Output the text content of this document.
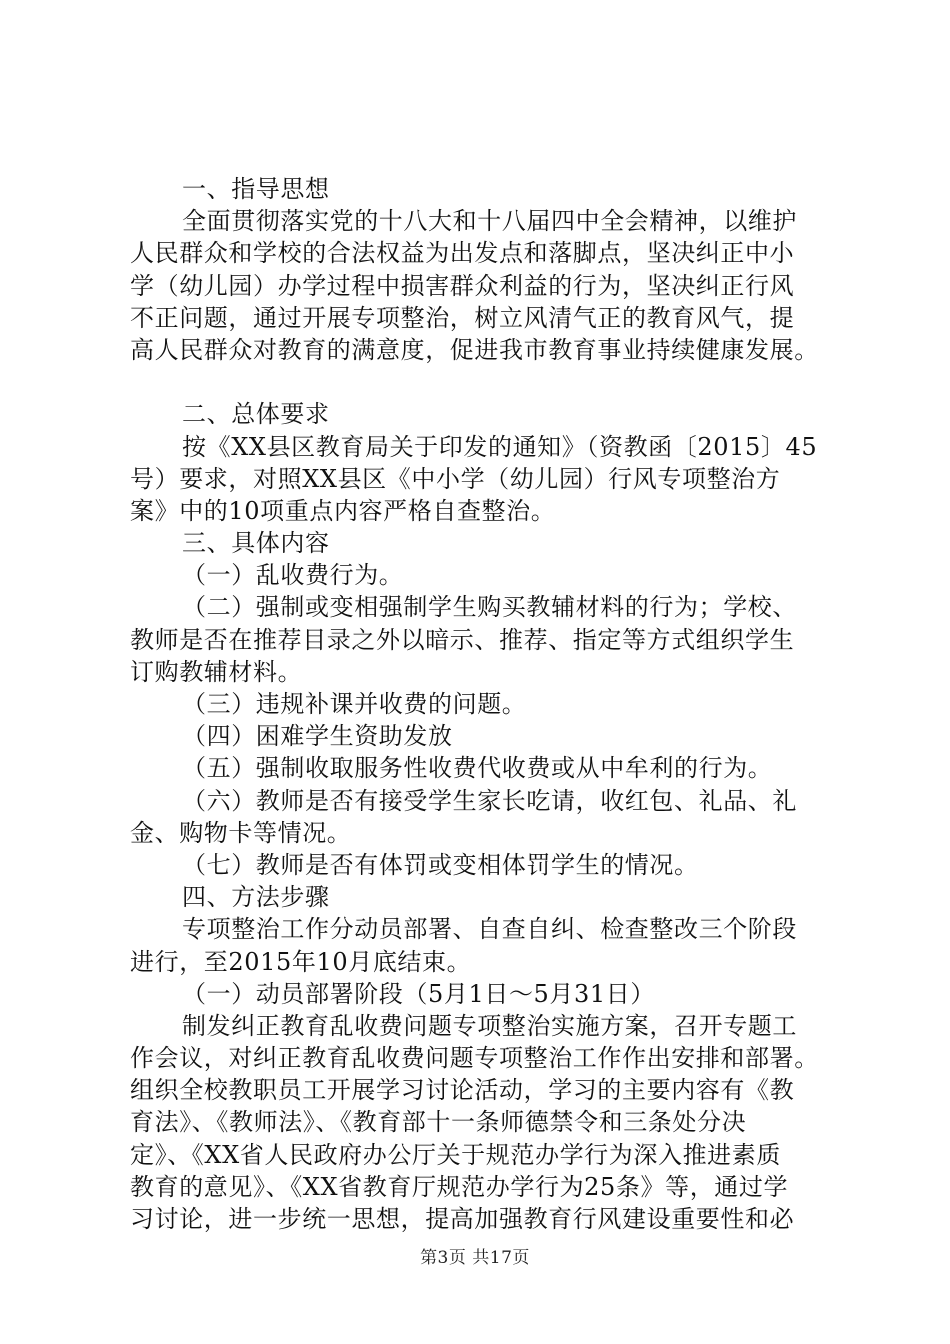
一、指导思想
全面贯彻落实党的十八大和十八届四中全会精神，以维护
人民群众和学校的合法权益为出发点和落脚点，坚决纠正中小
学（幼儿园）办学过程中损害群众利益的行为，坚决纠正行风
不正问题，通过开展专项整治，树立风清气正的教育风气，提
高人民群众对教育的满意度，促进我市教育事业持续健康发展。
二、总体要求
按《XX县区教育局关于印发的通知》（资教函〔2015〕45
号）要求，对照XX县区《中小学（幼儿园）行风专项整治方
案》中的10项重点内容严格自查整治。
三、具体内容
（一）乱收费行为。
（二）强制或变相强制学生购买教辅材料的行为；学校、
教师是否在推荐目录之外以暗示、推荐、指定等方式组织学生
订购教辅材料。
（三）违规补课并收费的问题。
（四）困难学生资助发放
（五）强制收取服务性收费代收费或从中牟利的行为。
（六）教师是否有接受学生家长吃请，收红包、礼品、礼
金、购物卡等情况。
（七）教师是否有体罚或变相体罚学生的情况。
四、方法步骤
专项整治工作分动员部署、自查自纠、检查整改三个阶段
进行，至2015年10月底结束。
（一）动员部署阶段（5月1日～5月31日）
制发纠正教育乱收费问题专项整治实施方案，召开专题工
作会议，对纠正教育乱收费问题专项整治工作作出安排和部署。
组织全校教职员工开展学习讨论活动，学习的主要内容有《教
育法》、《教师法》、《教育部十一条师德禁令和三条处分决
定》、《XX省人民政府办公厅关于规范办学行为深入推进素质
教育的意见》、《XX省教育厅规范办学行为25条》等，通过学
习讨论，进一步统一思想，提高加强教育行风建设重要性和必
第3页 共17页
